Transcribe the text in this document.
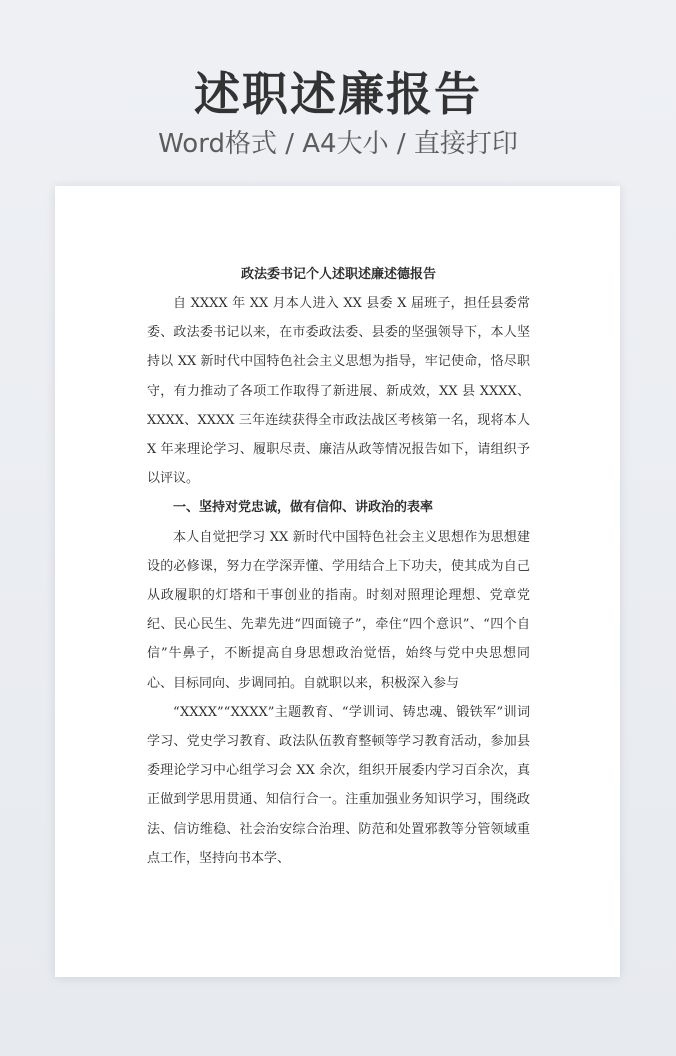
述职述廉报告
Word格式 / A4大小 / 直接打印
政法委书记个人述职述廉述德报告

自 XXXX 年 XX 月本人进入 XX 县委 X 届班子，担任县委常委、政法委书记以来，在市委政法委、县委的坚强领导下，本人坚持以 XX 新时代中国特色社会主义思想为指导，牢记使命，恪尽职守，有力推动了各项工作取得了新进展、新成效，XX 县 XXXX、XXXX、XXXX 三年连续获得全市政法战区考核第一名，现将本人 X 年来理论学习、履职尽责、廉洁从政等情况报告如下，请组织予以评议。

一、坚持对党忠诚，做有信仰、讲政治的表率

本人自觉把学习 XX 新时代中国特色社会主义思想作为思想建设的必修课，努力在学深弄懂、学用结合上下功夫，使其成为自己从政履职的灯塔和干事创业的指南。时刻对照理论理想、党章党纪、民心民生、先辈先进“四面镜子”，牵住“四个意识”、“四个自信”牛鼻子，不断提高自身思想政治觉悟，始终与党中央思想同心、目标同向、步调同拍。自就职以来，积极深入参与

“XXXX”“XXXX”主题教育、“学训词、铸忠魂、锻铁军”训词学习、党史学习教育、政法队伍教育整顿等学习教育活动，参加县委理论学习中心组学习会 XX 余次，组织开展委内学习百余次，真正做到学思用贯通、知信行合一。注重加强业务知识学习，围绕政法、信访维稳、社会治安综合治理、防范和处置邪教等分管领域重点工作，坚持向书本学、
